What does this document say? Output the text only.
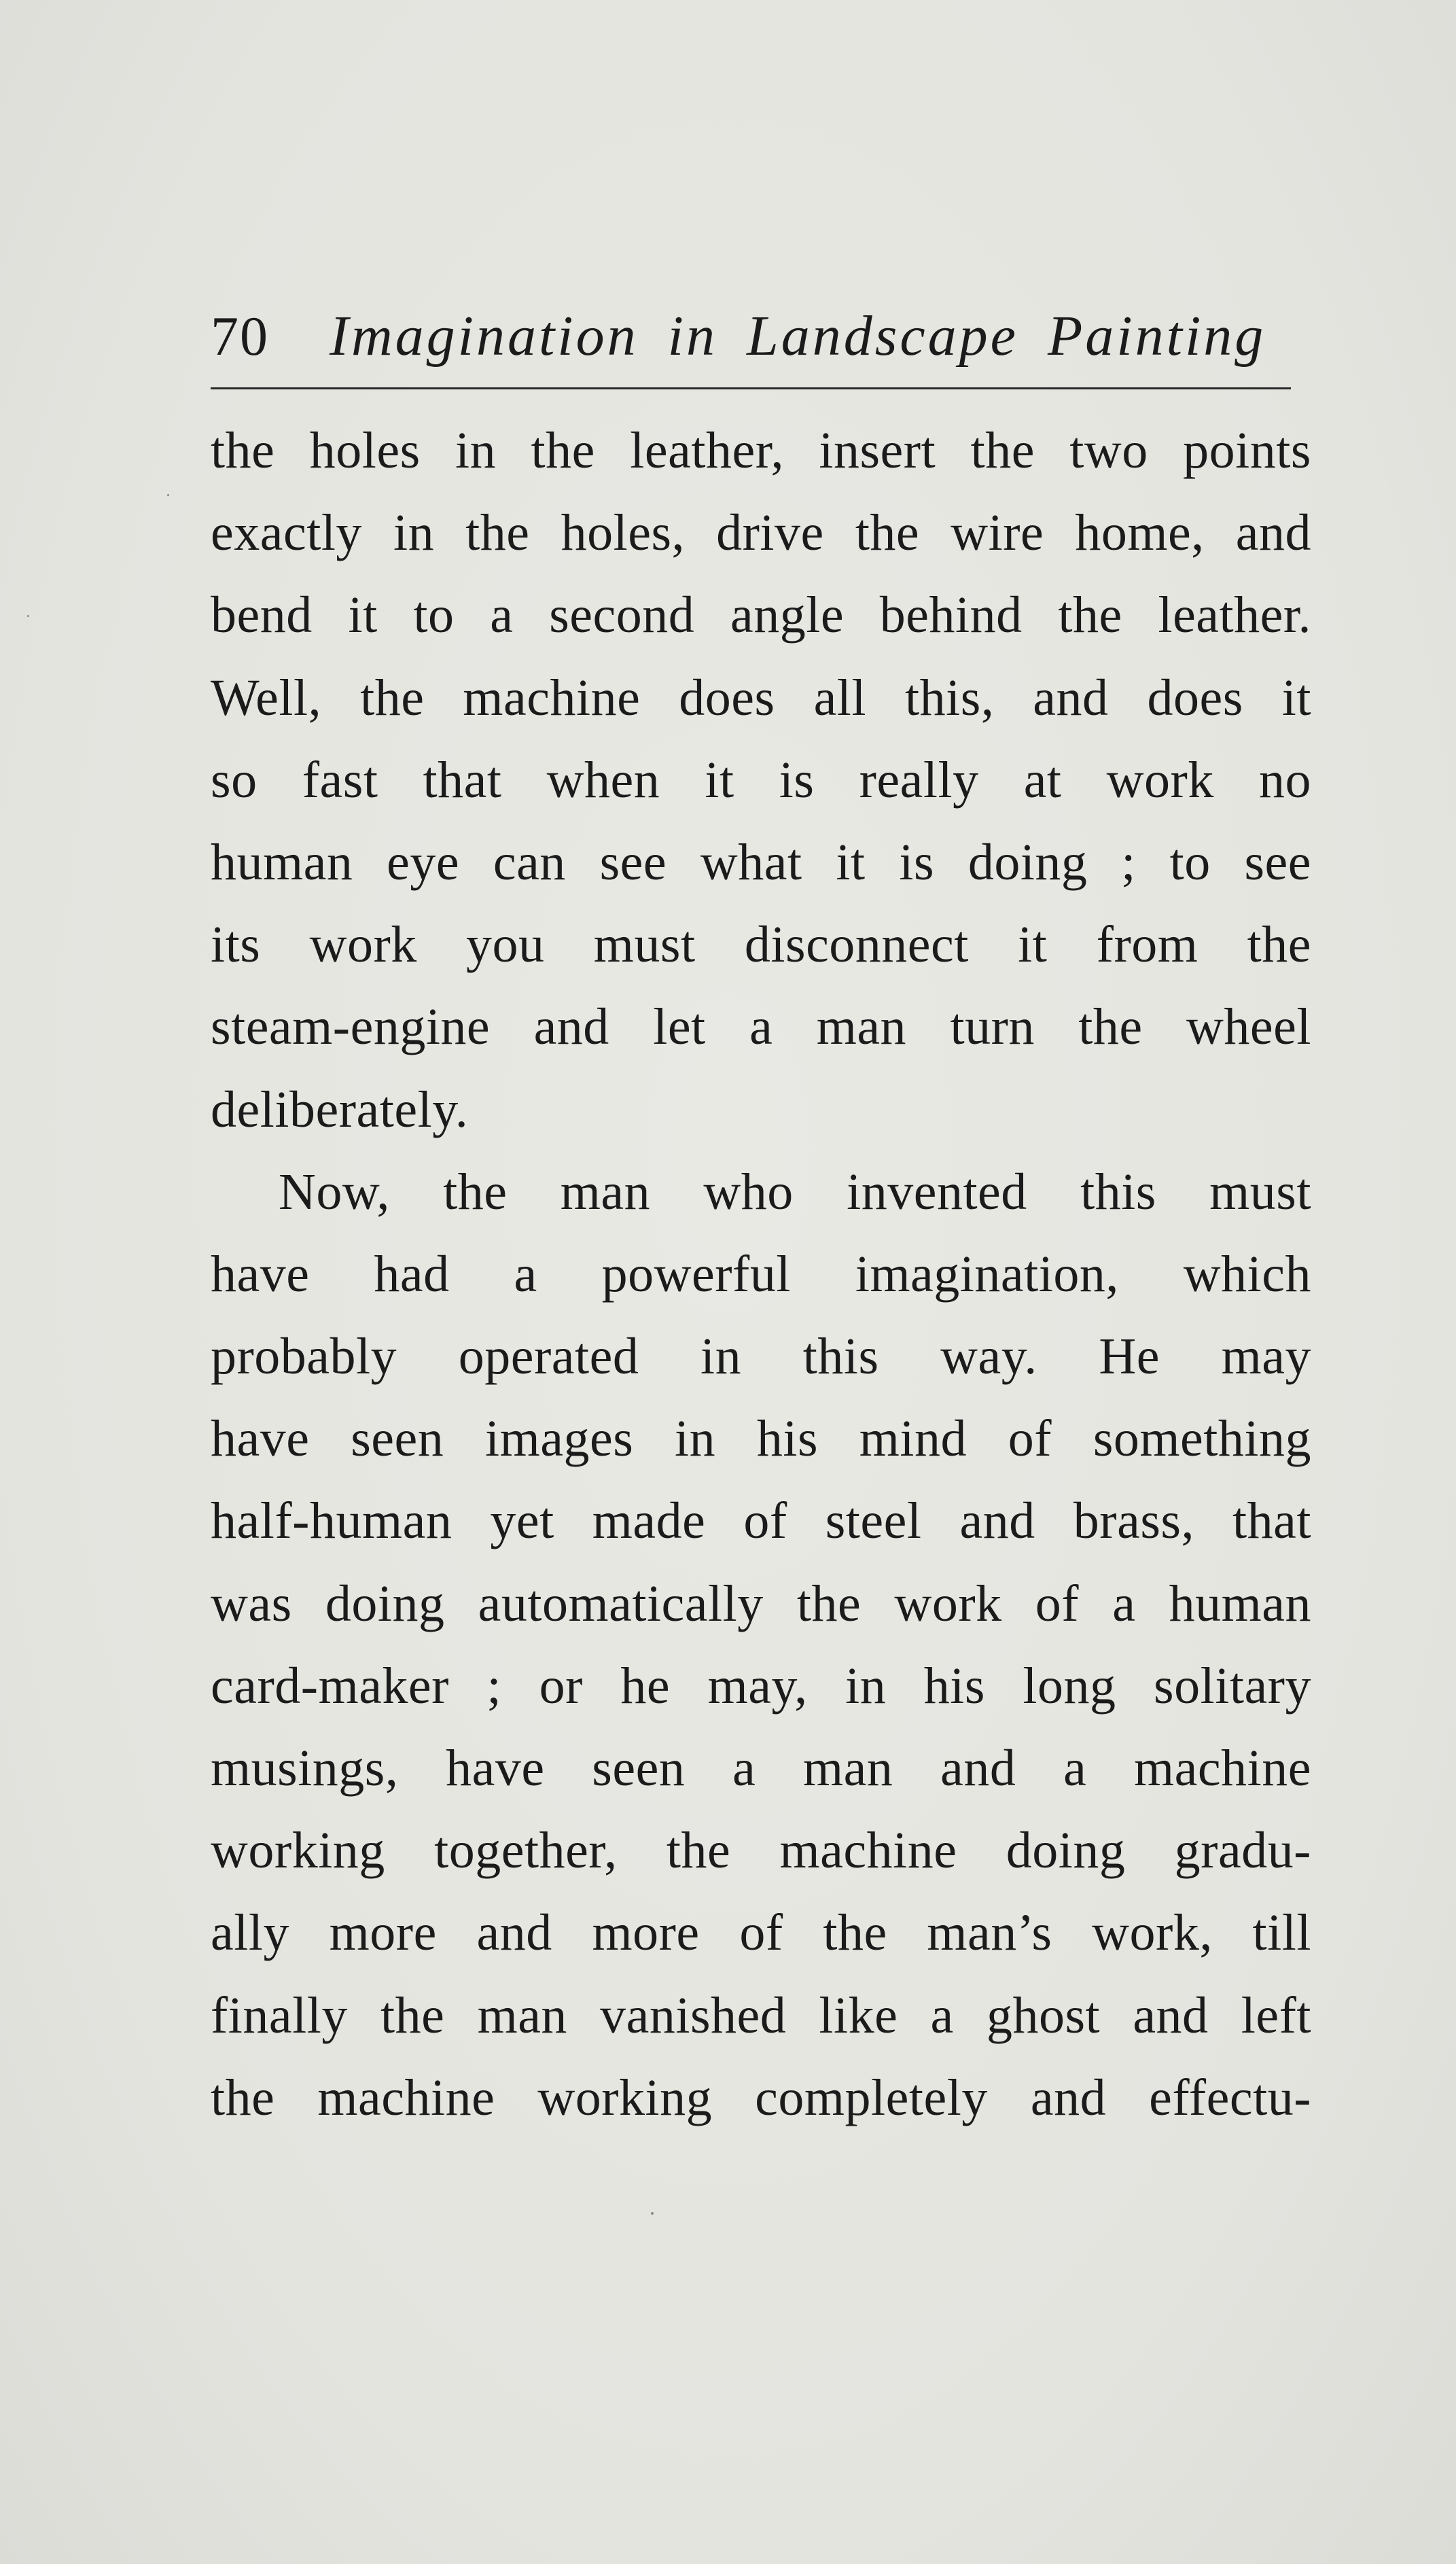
70 Imagination in Landscape Painting
the holes in the leather, insert the two points
exactly in the holes, drive the wire home, and
bend it to a second angle behind the leather.
Well, the machine does all this, and does it
so fast that when it is really at work no
human eye can see what it is doing ; to see
its work you must disconnect it from the
steam-engine and let a man turn the wheel
deliberately.
Now, the man who invented this must
have had a powerful imagination, which
probably operated in this way. He may
have seen images in his mind of something
half-human yet made of steel and brass, that
was doing automatically the work of a human
card-maker ; or he may, in his long solitary
musings, have seen a man and a machine
working together, the machine doing gradu-
ally more and more of the man’s work, till
finally the man vanished like a ghost and left
the machine working completely and effectu-
